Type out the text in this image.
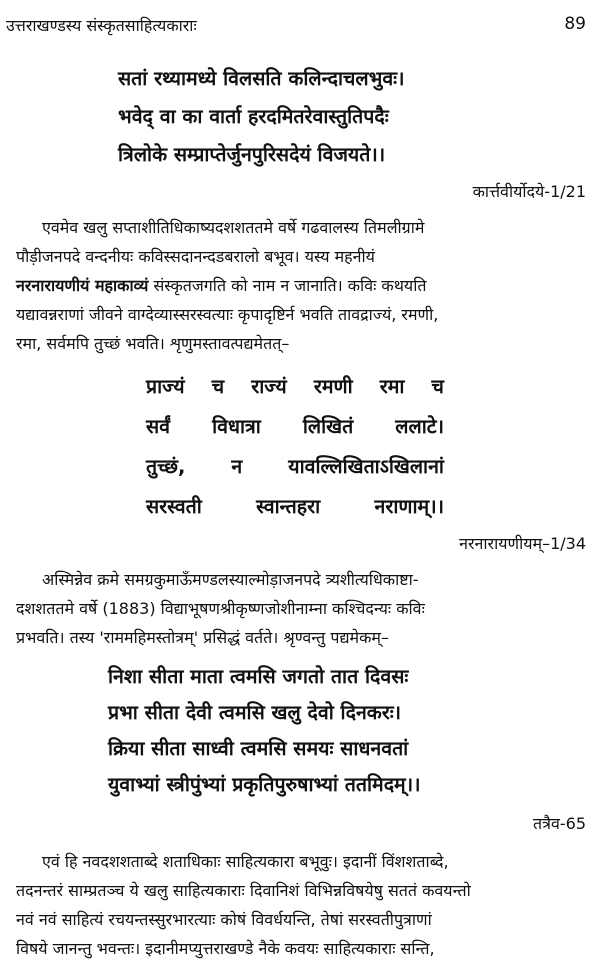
उत्तराखण्डस्य संस्कृतसाहित्यकाराः	89
सतां रथ्यामध्ये विलसति कलिन्दाचलभुवः।
भवेद् वा का वार्ता हरदमितरेवास्तुतिपदैः
त्रिलोके सम्प्राप्तेर्जुनपुरिसदेयं विजयते।।
कार्त्तवीर्योदये-1/21
एवमेव खलु सप्ताशीतिधिकाष्यदशशततमे वर्षे गढवालस्य तिमलीग्रामे
पौड़ीजनपदे वन्दनीयः कविस्सदानन्दडबरालो बभूव। यस्य महनीयं
नरनारायणीयं महाकाव्यं संस्कृतजगति को नाम न जानाति। कविः कथयति
यद्यावन्नराणां जीवने वाग्देव्यास्सरस्वत्याः कृपादृष्टिर्न भवति तावद्राज्यं, रमणी,
रमा, सर्वमपि तुच्छं भवति। शृणुमस्तावत्पद्यमेतत्–
प्राज्यं च राज्यं रमणी रमा च
सर्वं विधात्रा लिखितं ललाटे।
तुच्छं, न यावल्लिखिताऽखिलानां
सरस्वती	स्वान्तहरा	नराणाम्।।
नरनारायणीयम्–1/34
अस्मिन्नेव क्रमे समग्रकुमाऊँमण्डलस्याल्मोड़ाजनपदे त्र्यशीत्यधिकाष्टा-
दशशततमे वर्षे (1883) विद्याभूषणश्रीकृष्णजोशीनाम्ना कश्चिदन्यः कविः
प्रभवति। तस्य 'राममहिमस्तोत्रम्' प्रसिद्धं वर्तते। श्रृण्वन्तु पद्यमेकम्–
निशा सीता माता त्वमसि जगतो तात दिवसः
प्रभा सीता देवी त्वमसि खलु देवो दिनकरः।
क्रिया सीता साध्वी त्वमसि समयः साधनवतां
युवाभ्यां स्त्रीपुंभ्यां प्रकृतिपुरुषाभ्यां ततमिदम्।।
तत्रैव-65
एवं हि नवदशशताब्दे शताधिकाः साहित्यकारा बभूवुः। इदानीं विंशशताब्दे,
तदनन्तरं साम्प्रतञ्च ये खलु साहित्यकाराः दिवानिशं विभिन्नविषयेषु सततं कवयन्तो
नवं नवं साहित्यं रचयन्तस्सुरभारत्याः कोषं विवर्धयन्ति, तेषां सरस्वतीपुत्राणां
विषये जानन्तु भवन्तः। इदानीमप्युत्तराखण्डे नैके कवयः साहित्यकाराः सन्ति,
